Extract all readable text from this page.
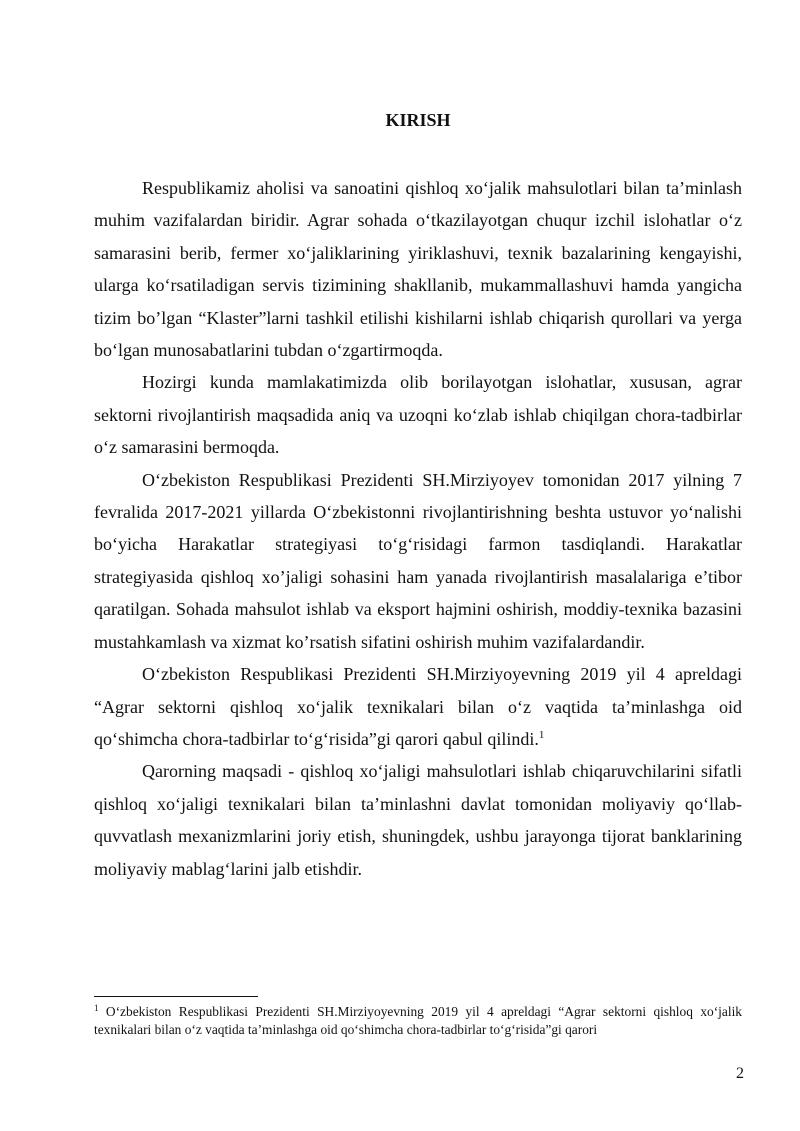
KIRISH

Respublikamiz aholisi va sanoatini qishloq xo‘jalik mahsulotlari bilan ta’minlash muhim vazifalardan biridir. Agrar sohada o‘tkazilayotgan chuqur izchil islohatlar o‘z samarasini berib, fermer xo‘jaliklarining yiriklashuvi, texnik bazalarining kengayishi, ularga ko‘rsatiladigan servis tizimining shakllanib, mukammallashuvi hamda yangicha tizim bo’lgan “Klaster”larni tashkil etilishi kishilarni ishlab chiqarish qurollari va yerga bo‘lgan munosabatlarini tubdan o‘zgartirmoqda.

Hozirgi kunda mamlakatimizda olib borilayotgan islohatlar, xususan, agrar sektorni rivojlantirish maqsadida aniq va uzoqni ko‘zlab ishlab chiqilgan chora-tadbirlar o‘z samarasini bermoqda.

O‘zbekiston Respublikasi Prezidenti SH.Mirziyoyev tomonidan 2017 yilning 7 fevralida 2017-2021 yillarda O‘zbekistonni rivojlantirishning beshta ustuvor yo‘nalishi bo‘yicha Harakatlar strategiyasi to‘g‘risidagi farmon tasdiqlandi. Harakatlar strategiyasida qishloq xo’jaligi sohasini ham yanada rivojlantirish masalalariga e’tibor qaratilgan. Sohada mahsulot ishlab va eksport hajmini oshirish, moddiy-texnika bazasini mustahkamlash va xizmat ko’rsatish sifatini oshirish muhim vazifalardandir.

O‘zbekiston Respublikasi Prezidenti SH.Mirziyoyevning 2019 yil 4 apreldagi “Agrar sektorni qishloq xo‘jalik texnikalari bilan o‘z vaqtida ta’minlashga oid qo‘shimcha chora-tadbirlar to‘g‘risida”gi qarori qabul qilindi.$^1$

Qarorning maqsadi - qishloq xo‘jaligi mahsulotlari ishlab chiqaruvchilarini sifatli qishloq xo‘jaligi texnikalari bilan ta’minlashni davlat tomonidan moliyaviy qo‘llab-quvvatlash mexanizmlarini joriy etish, shuningdek, ushbu jarayonga tijorat banklarining moliyaviy mablag‘larini jalb etishdir.

$^1$ O‘zbekiston Respublikasi Prezidenti SH.Mirziyoyevning 2019 yil 4 apreldagi “Agrar sektorni qishloq xo‘jalik texnikalari bilan o‘z vaqtida ta’minlashga oid qo‘shimcha chora-tadbirlar to‘g‘risida”gi qarori
2
